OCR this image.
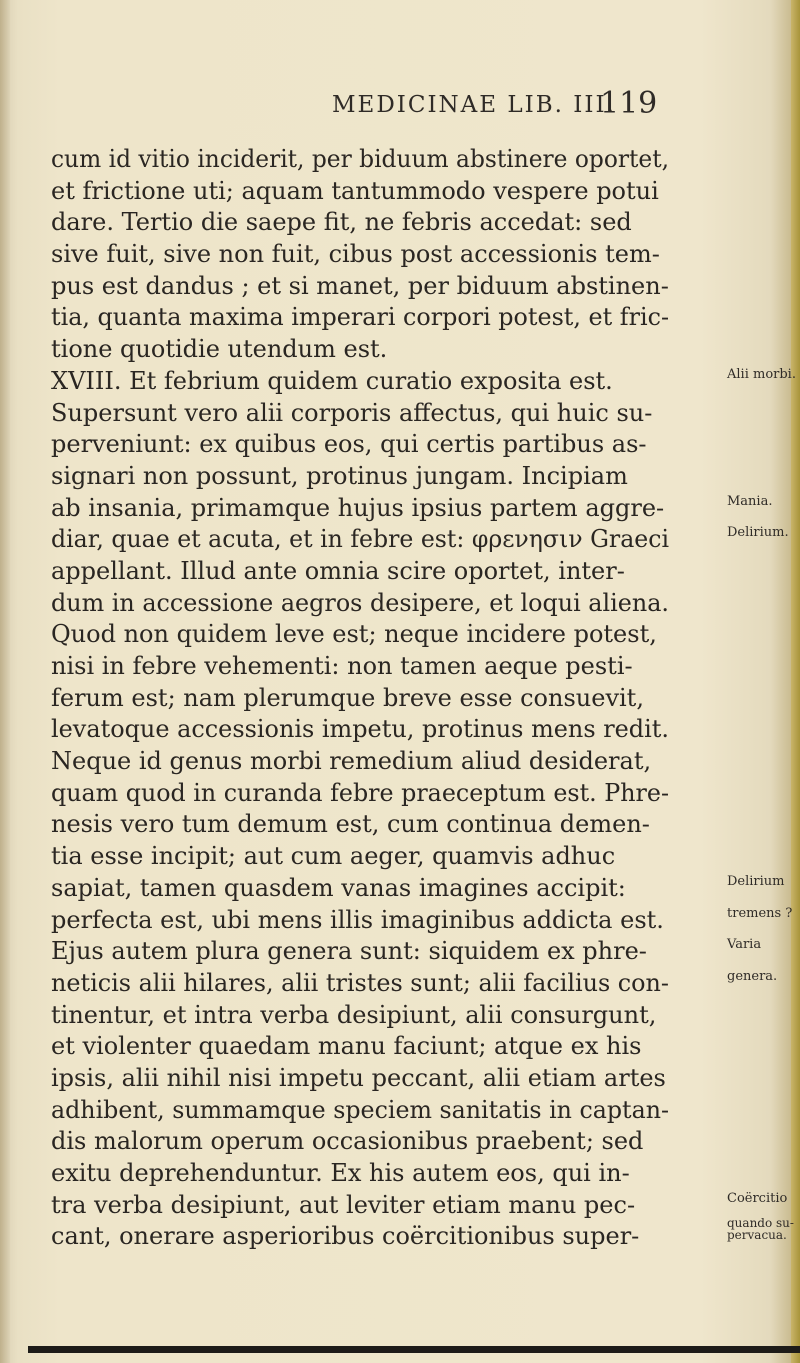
MEDICINAE LIB. III.
119
cum id vitio inciderit, per biduum abstinere oportet,
et frictione uti; aquam tantummodo vespere potui
dare. Tertio die saepe fit, ne febris accedat: sed
sive fuit, sive non fuit, cibus post accessionis tem-
pus est dandus ; et si manet, per biduum abstinen-
tia, quanta maxima imperari corpori potest, et fric-
tione quotidie utendum est.
XVIII. Et febrium quidem curatio exposita est.	Alii morbi.
Supersunt vero alii corporis affectus, qui huic su-
perveniunt: ex quibus eos, qui certis partibus as-
signari non possunt, protinus jungam. Incipiam
ab insania, primamque hujus ipsius partem aggre-	Mania.
diar, quae et acuta, et in febre est: φρενησιν Graeci	Delirium.
appellant. Illud ante omnia scire oportet, inter-
dum in accessione aegros desipere, et loqui aliena.
Quod non quidem leve est; neque incidere potest,
nisi in febre vehementi: non tamen aeque pesti-
ferum est; nam plerumque breve esse consuevit,
levatoque accessionis impetu, protinus mens redit.
Neque id genus morbi remedium aliud desiderat,
quam quod in curanda febre praeceptum est. Phre-
nesis vero tum demum est, cum continua demen-
tia esse incipit; aut cum aeger, quamvis adhuc
sapiat, tamen quasdem vanas imagines accipit:	Delirium
perfecta est, ubi mens illis imaginibus addicta est.	tremens ?
Ejus autem plura genera sunt: siquidem ex phre-	Varia
neticis alii hilares, alii tristes sunt; alii facilius con-	genera.
tinentur, et intra verba desipiunt, alii consurgunt,
et violenter quaedam manu faciunt; atque ex his
ipsis, alii nihil nisi impetu peccant, alii etiam artes
adhibent, summamque speciem sanitatis in captan-
dis malorum operum occasionibus praebent; sed
exitu deprehenduntur. Ex his autem eos, qui in-
tra verba desipiunt, aut leviter etiam manu pec-	Coërcitio
cant, onerare asperioribus coërcitionibus super-	quando su-
pervacua.
